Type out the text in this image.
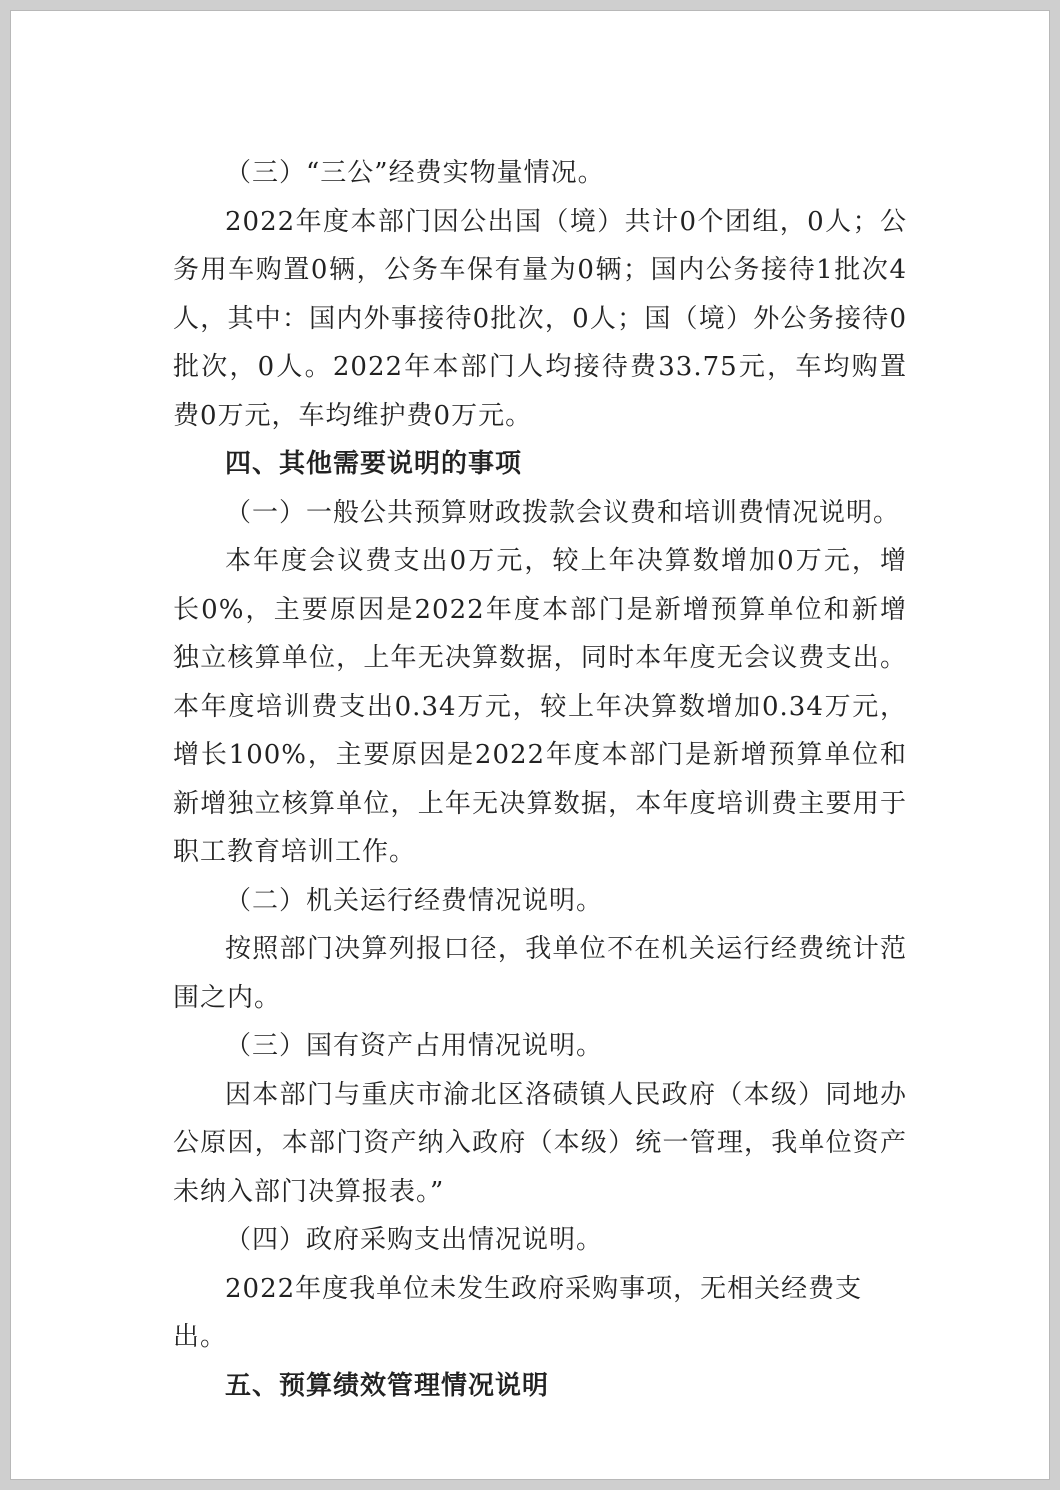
（三）“三公”经费实物量情况。

2022年度本部门因公出国（境）共计0个团组，0人；公务用车购置0辆，公务车保有量为0辆；国内公务接待1批次4人，其中：国内外事接待0批次，0人；国（境）外公务接待0批次，0人。2022年本部门人均接待费33.75元，车均购置费0万元，车均维护费0万元。

四、其他需要说明的事项

（一）一般公共预算财政拨款会议费和培训费情况说明。

本年度会议费支出0万元，较上年决算数增加0万元，增长0%，主要原因是2022年度本部门是新增预算单位和新增独立核算单位，上年无决算数据，同时本年度无会议费支出。本年度培训费支出0.34万元，较上年决算数增加0.34万元，增长100%，主要原因是2022年度本部门是新增预算单位和新增独立核算单位，上年无决算数据，本年度培训费主要用于职工教育培训工作。

（二）机关运行经费情况说明。

按照部门决算列报口径，我单位不在机关运行经费统计范围之内。

（三）国有资产占用情况说明。

因本部门与重庆市渝北区洛碛镇人民政府（本级）同地办公原因，本部门资产纳入政府（本级）统一管理，我单位资产未纳入部门决算报表。”

（四）政府采购支出情况说明。

2022年度我单位未发生政府采购事项，无相关经费支出。

五、预算绩效管理情况说明
